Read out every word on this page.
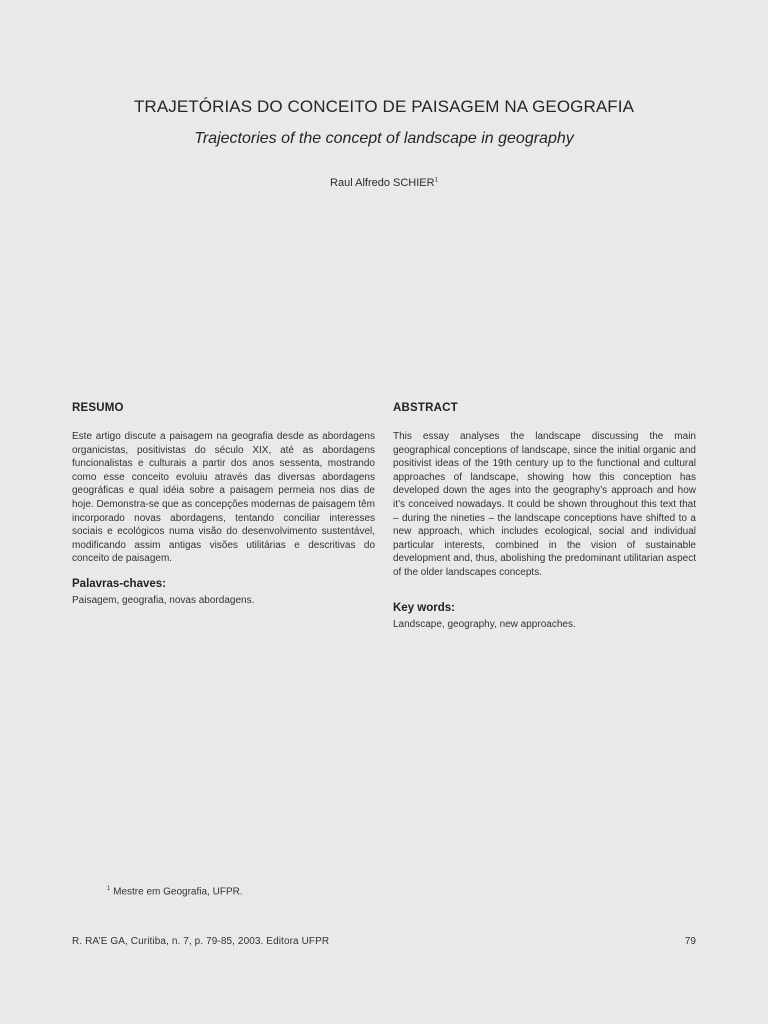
TRAJETÓRIAS DO CONCEITO DE PAISAGEM NA GEOGRAFIA
Trajectories of the concept of landscape in geography
Raul Alfredo SCHIER$^1$
RESUMO

Este artigo discute a paisagem na geografia desde as abordagens organicistas, positivistas do século XIX, até as abordagens funcionalistas e culturais a partir dos anos sessenta, mostrando como esse conceito evoluiu através das diversas abordagens geográficas e qual idéia sobre a paisagem permeia nos dias de hoje. Demonstra-se que as concepções modernas de paisagem têm incorporado novas abordagens, tentando conciliar interesses sociais e ecológicos numa visão do desenvolvimento sustentável, modificando assim antigas visões utilitárias e descritivas do conceito de paisagem.

Palavras-chaves:

Paisagem, geografia, novas abordagens.

ABSTRACT

This essay analyses the landscape discussing the main geographical conceptions of landscape, since the initial organic and positivist ideas of the 19th century up to the functional and cultural approaches of landscape, showing how this conception has developed down the ages into the geography’s approach and how it’s conceived nowadays. It could be shown throughout this text that – during the nineties – the landscape conceptions have shifted to a new approach, which includes ecological, social and individual particular interests, combined in the vision of sustainable development and, thus, abolishing the predominant utilitarian aspect of the older landscapes concepts.

Key words:

Landscape, geography, new approaches.

$^1$ Mestre em Geografia, UFPR.
R. RA’E GA, Curitiba, n. 7, p. 79-85, 2003. Editora UFPR	79
